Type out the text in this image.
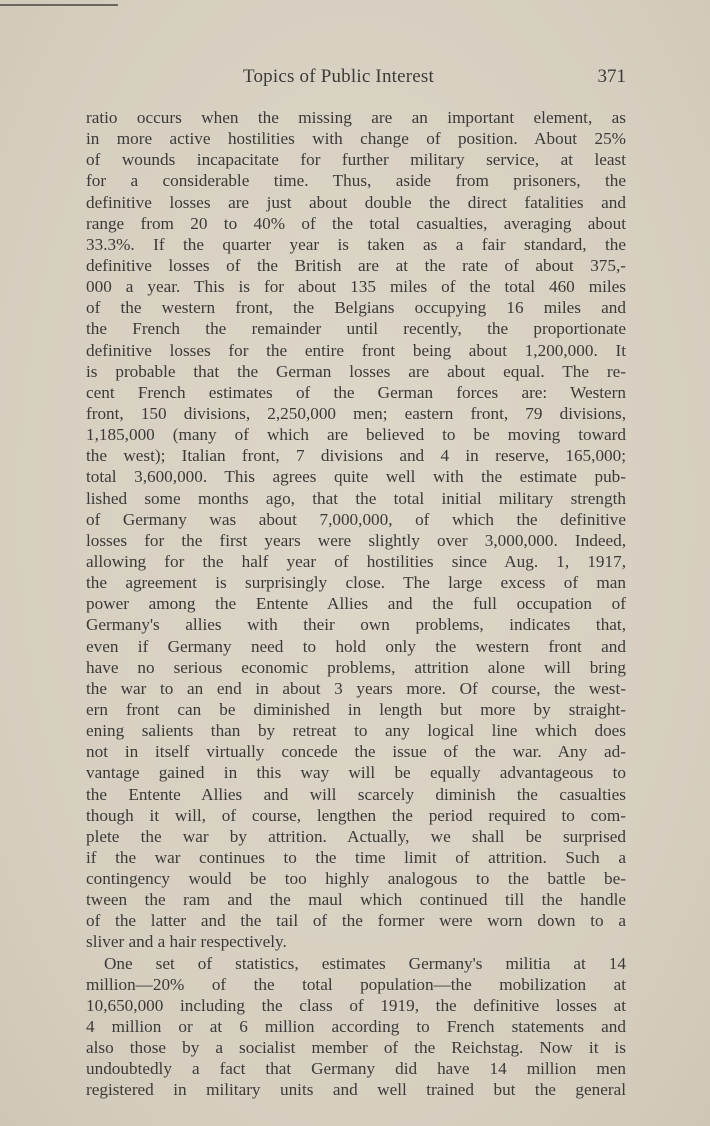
Topics of Public Interest	371
ratio occurs when the missing are an important element, as
in more active hostilities with change of position. About 25%
of wounds incapacitate for further military service, at least
for a considerable time. Thus, aside from prisoners, the
definitive losses are just about double the direct fatalities and
range from 20 to 40% of the total casualties, averaging about
33.3%. If the quarter year is taken as a fair standard, the
definitive losses of the British are at the rate of about 375,-
000 a year. This is for about 135 miles of the total 460 miles
of the western front, the Belgians occupying 16 miles and
the French the remainder until recently, the proportionate
definitive losses for the entire front being about 1,200,000. It
is probable that the German losses are about equal. The re-
cent French estimates of the German forces are: Western
front, 150 divisions, 2,250,000 men; eastern front, 79 divisions,
1,185,000 (many of which are believed to be moving toward
the west); Italian front, 7 divisions and 4 in reserve, 165,000;
total 3,600,000. This agrees quite well with the estimate pub-
lished some months ago, that the total initial military strength
of Germany was about 7,000,000, of which the definitive
losses for the first years were slightly over 3,000,000. Indeed,
allowing for the half year of hostilities since Aug. 1, 1917,
the agreement is surprisingly close. The large excess of man
power among the Entente Allies and the full occupation of
Germany's allies with their own problems, indicates that,
even if Germany need to hold only the western front and
have no serious economic problems, attrition alone will bring
the war to an end in about 3 years more. Of course, the west-
ern front can be diminished in length but more by straight-
ening salients than by retreat to any logical line which does
not in itself virtually concede the issue of the war. Any ad-
vantage gained in this way will be equally advantageous to
the Entente Allies and will scarcely diminish the casualties
though it will, of course, lengthen the period required to com-
plete the war by attrition. Actually, we shall be surprised
if the war continues to the time limit of attrition. Such a
contingency would be too highly analogous to the battle be-
tween the ram and the maul which continued till the handle
of the latter and the tail of the former were worn down to a
sliver and a hair respectively.
One set of statistics, estimates Germany's militia at 14
million—20% of the total population—the mobilization at
10,650,000 including the class of 1919, the definitive losses at
4 million or at 6 million according to French statements and
also those by a socialist member of the Reichstag. Now it is
undoubtedly a fact that Germany did have 14 million men
registered in military units and well trained but the general
